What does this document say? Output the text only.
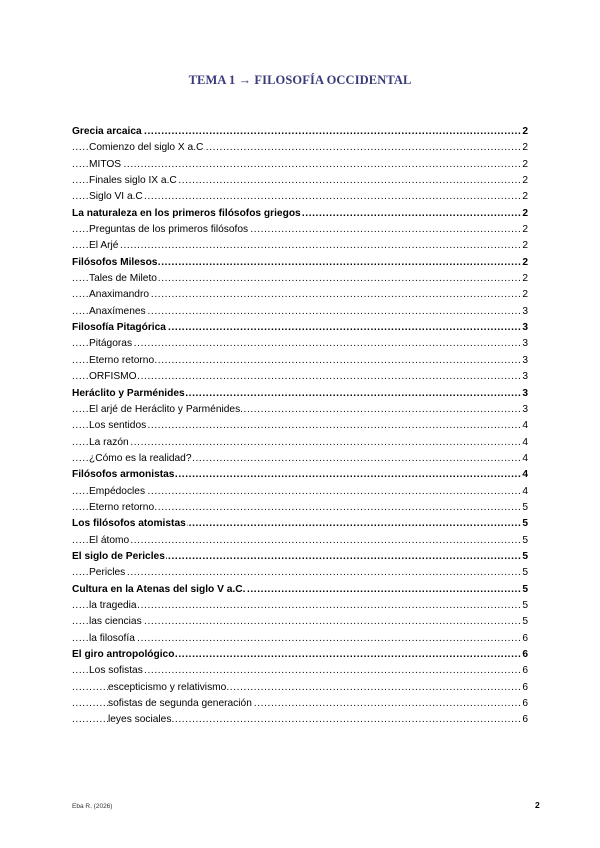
TEMA 1 → FILOSOFÍA OCCIDENTAL
Grecia arcaica	2
.....
Comienzo del siglo X a.C	2
.....
MITOS	2
.....
Finales siglo IX a.C	2
.....
Siglo VI a.C	2
.....
La naturaleza en los primeros filósofos griegos	2
.....
Preguntas de los primeros filósofos	2
.....
El Arjé	2
.....
Filósofos Milesos	2
.....
Tales de Mileto	2
.....
Anaximandro	2
.....
Anaxímenes	3
.....
Filosofía Pitagórica	3
.....
Pitágoras	3
.....
Eterno retorno	3
.....
ORFISMO	3
.....
Heráclito y Parménides	3
.....
El arjé de Heráclito y Parménides	3
.....
Los sentidos	4
.....
La razón	4
.....
¿Cómo es la realidad?	4
.....
Filósofos armonistas	4
.....
Empédocles	4
.....
Eterno retorno	5
.....
Los filósofos atomistas	5
.....
El átomo	5
.....
El siglo de Pericles	5
.....
Pericles	5
.....
Cultura en la Atenas del siglo V a.C.	5
.....
la tragedia	5
.....
las ciencias	5
.....
la filosofía	6
.....
El giro antropológico	6
.....
Los sofistas	6
.....
escepticismo y relativismo	6
.....
sofistas de segunda generación	6
.....
leyes sociales	6
.....
Eba R. (2026)	2
